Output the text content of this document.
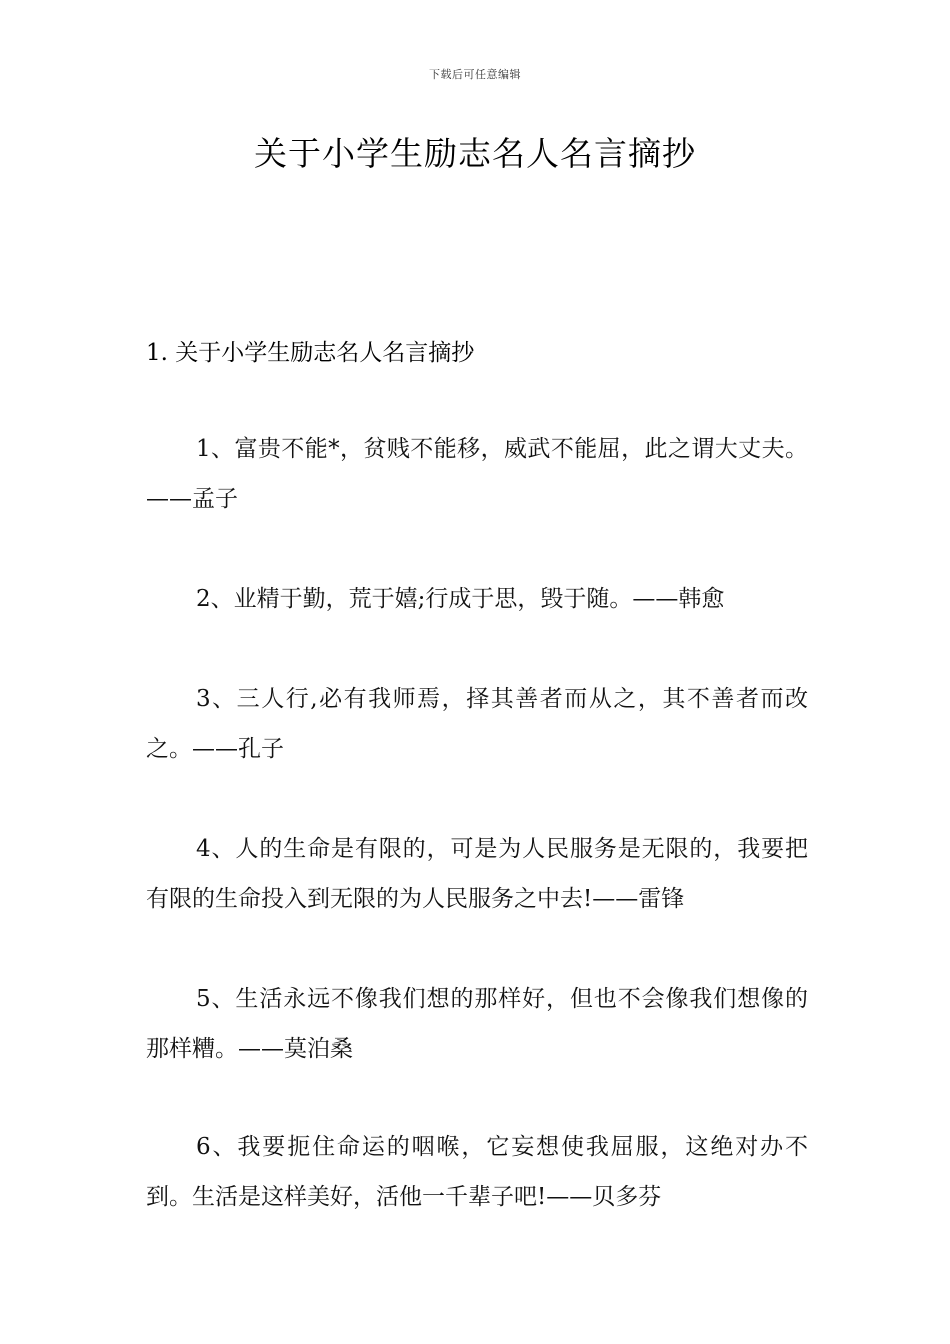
下载后可任意编辑
关于小学生励志名人名言摘抄
1. 关于小学生励志名人名言摘抄

1、富贵不能*，贫贱不能移，威武不能屈，此之谓大丈夫。——孟子

2、业精于勤，荒于嬉;行成于思，毁于随。——韩愈

3、三人行,必有我师焉，择其善者而从之，其不善者而改之。——孔子

4、人的生命是有限的，可是为人民服务是无限的，我要把有限的生命投入到无限的为人民服务之中去!——雷锋

5、生活永远不像我们想的那样好，但也不会像我们想像的那样糟。——莫泊桑

6、我要扼住命运的咽喉，它妄想使我屈服，这绝对办不到。生活是这样美好，活他一千辈子吧!——贝多芬
